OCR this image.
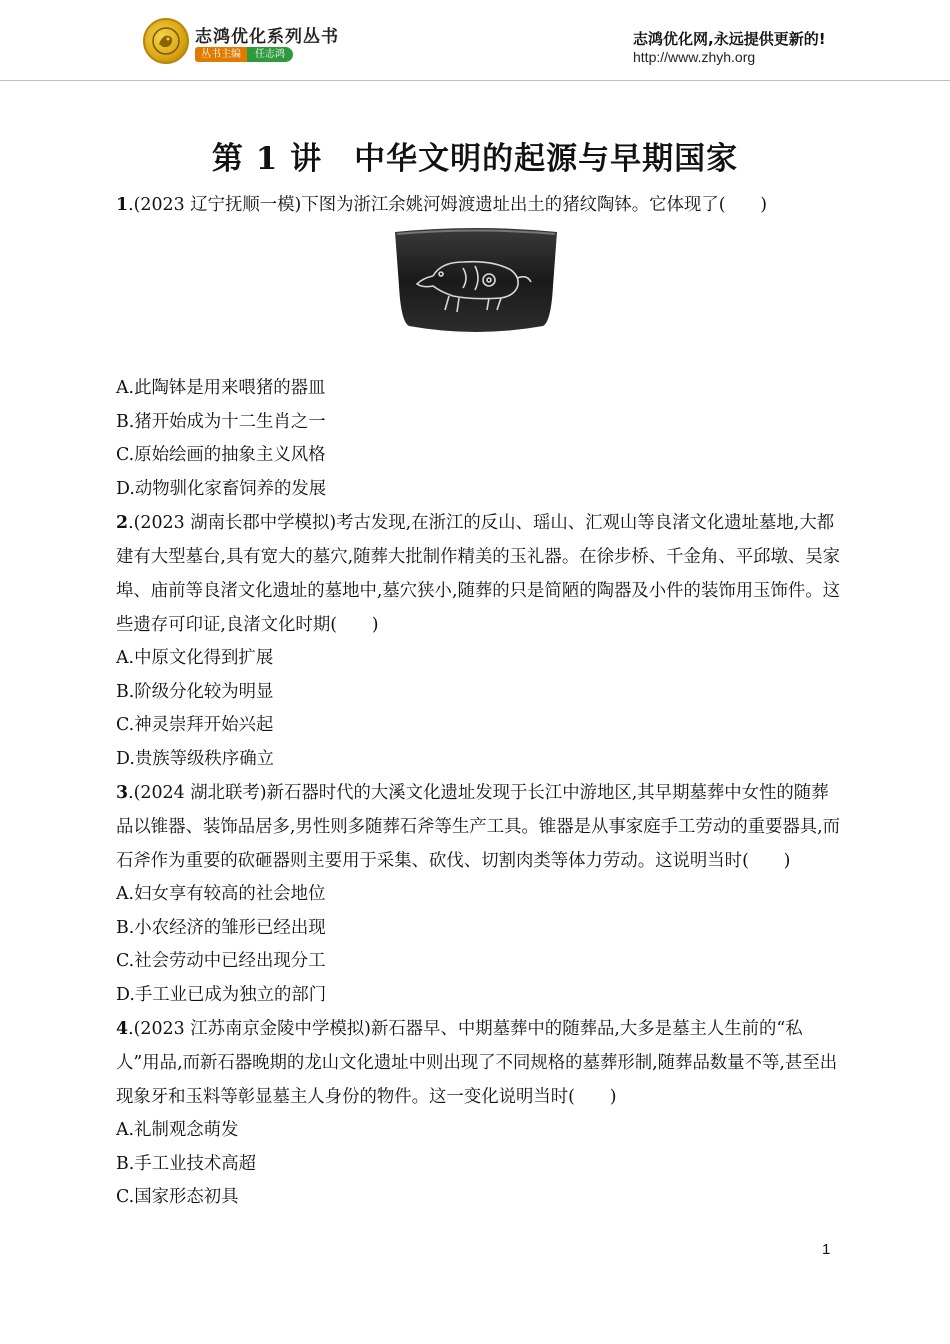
志鸿优化系列丛书
丛书主编	任志鸿
志鸿优化网,永远提供更新的!
http://www.zhyh.org
第 1 讲　中华文明的起源与早期国家

1.(2023 辽宁抚顺一模)下图为浙江余姚河姆渡遗址出土的猪纹陶钵。它体现了(　　)

A.此陶钵是用来喂猪的器皿

B.猪开始成为十二生肖之一

C.原始绘画的抽象主义风格

D.动物驯化家畜饲养的发展

2.(2023 湖南长郡中学模拟)考古发现,在浙江的反山、瑶山、汇观山等良渚文化遗址墓地,大都建有大型墓台,具有宽大的墓穴,随葬大批制作精美的玉礼器。在徐步桥、千金角、平邱墩、吴家埠、庙前等良渚文化遗址的墓地中,墓穴狭小,随葬的只是简陋的陶器及小件的装饰用玉饰件。这些遗存可印证,良渚文化时期(　　)

A.中原文化得到扩展

B.阶级分化较为明显

C.神灵崇拜开始兴起

D.贵族等级秩序确立

3.(2024 湖北联考)新石器时代的大溪文化遗址发现于长江中游地区,其早期墓葬中女性的随葬品以锥器、装饰品居多,男性则多随葬石斧等生产工具。锥器是从事家庭手工劳动的重要器具,而石斧作为重要的砍砸器则主要用于采集、砍伐、切割肉类等体力劳动。这说明当时(　　)

A.妇女享有较高的社会地位

B.小农经济的雏形已经出现

C.社会劳动中已经出现分工

D.手工业已成为独立的部门

4.(2023 江苏南京金陵中学模拟)新石器早、中期墓葬中的随葬品,大多是墓主人生前的“私人”用品,而新石器晚期的龙山文化遗址中则出现了不同规格的墓葬形制,随葬品数量不等,甚至出现象牙和玉料等彰显墓主人身份的物件。这一变化说明当时(　　)

A.礼制观念萌发

B.手工业技术高超

C.国家形态初具

1
